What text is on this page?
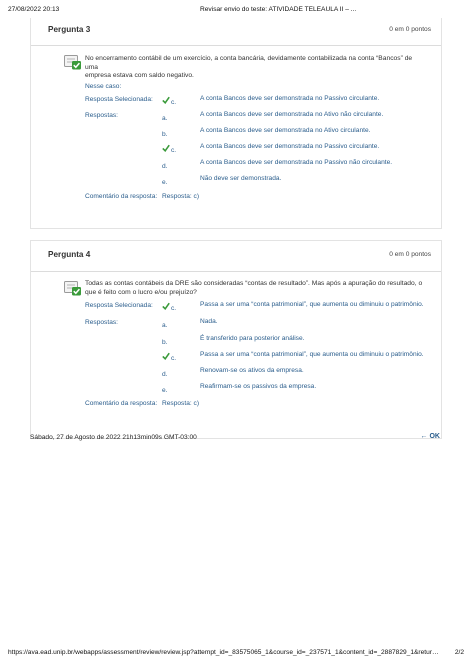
27/08/2022 20:13	Revisar envio do teste: ATIVIDADE TELEAULA II – ...
Pergunta 3	0 em 0 pontos
No encerramento contábil de um exercício, a conta bancária, devidamente contabilizada na conta “Bancos” de uma
empresa estava com saldo negativo.
Nesse caso:
Resposta Selecionada:	c.
A conta Bancos deve ser demonstrada no Passivo circulante.
Respostas:	a.
A conta Bancos deve ser demonstrada no Ativo não circulante.
b.
A conta Bancos deve ser demonstrada no Ativo circulante.
c.
A conta Bancos deve ser demonstrada no Passivo circulante.
d.
A conta Bancos deve ser demonstrada no Passivo não circulante.
e.
Não deve ser demonstrada.
Comentário da resposta: Resposta: c)
Pergunta 4	0 em 0 pontos
Todas as contas contábeis da DRE são consideradas “contas de resultado”. Mas após a apuração do resultado, o
que é feito com o lucro e/ou prejuízo?
Resposta Selecionada:	c.
Passa a ser uma “conta patrimonial”, que aumenta ou diminuiu o patrimônio.
Respostas:	a.
Nada.
b.
É transferido para posterior análise.
c.
Passa a ser uma “conta patrimonial”, que aumenta ou diminuiu o patrimônio.
d.
Renovam-se os ativos da empresa.
e.
Reafirmam-se os passivos da empresa.
Comentário da resposta: Resposta: c)
Sábado, 27 de Agosto de 2022 21h13min09s GMT-03:00	← OK
https://ava.ead.unip.br/webapps/assessment/review/review.jsp?attempt_id=_83575065_1&course_id=_237571_1&content_id=_2887829_1&retur… 2/2
